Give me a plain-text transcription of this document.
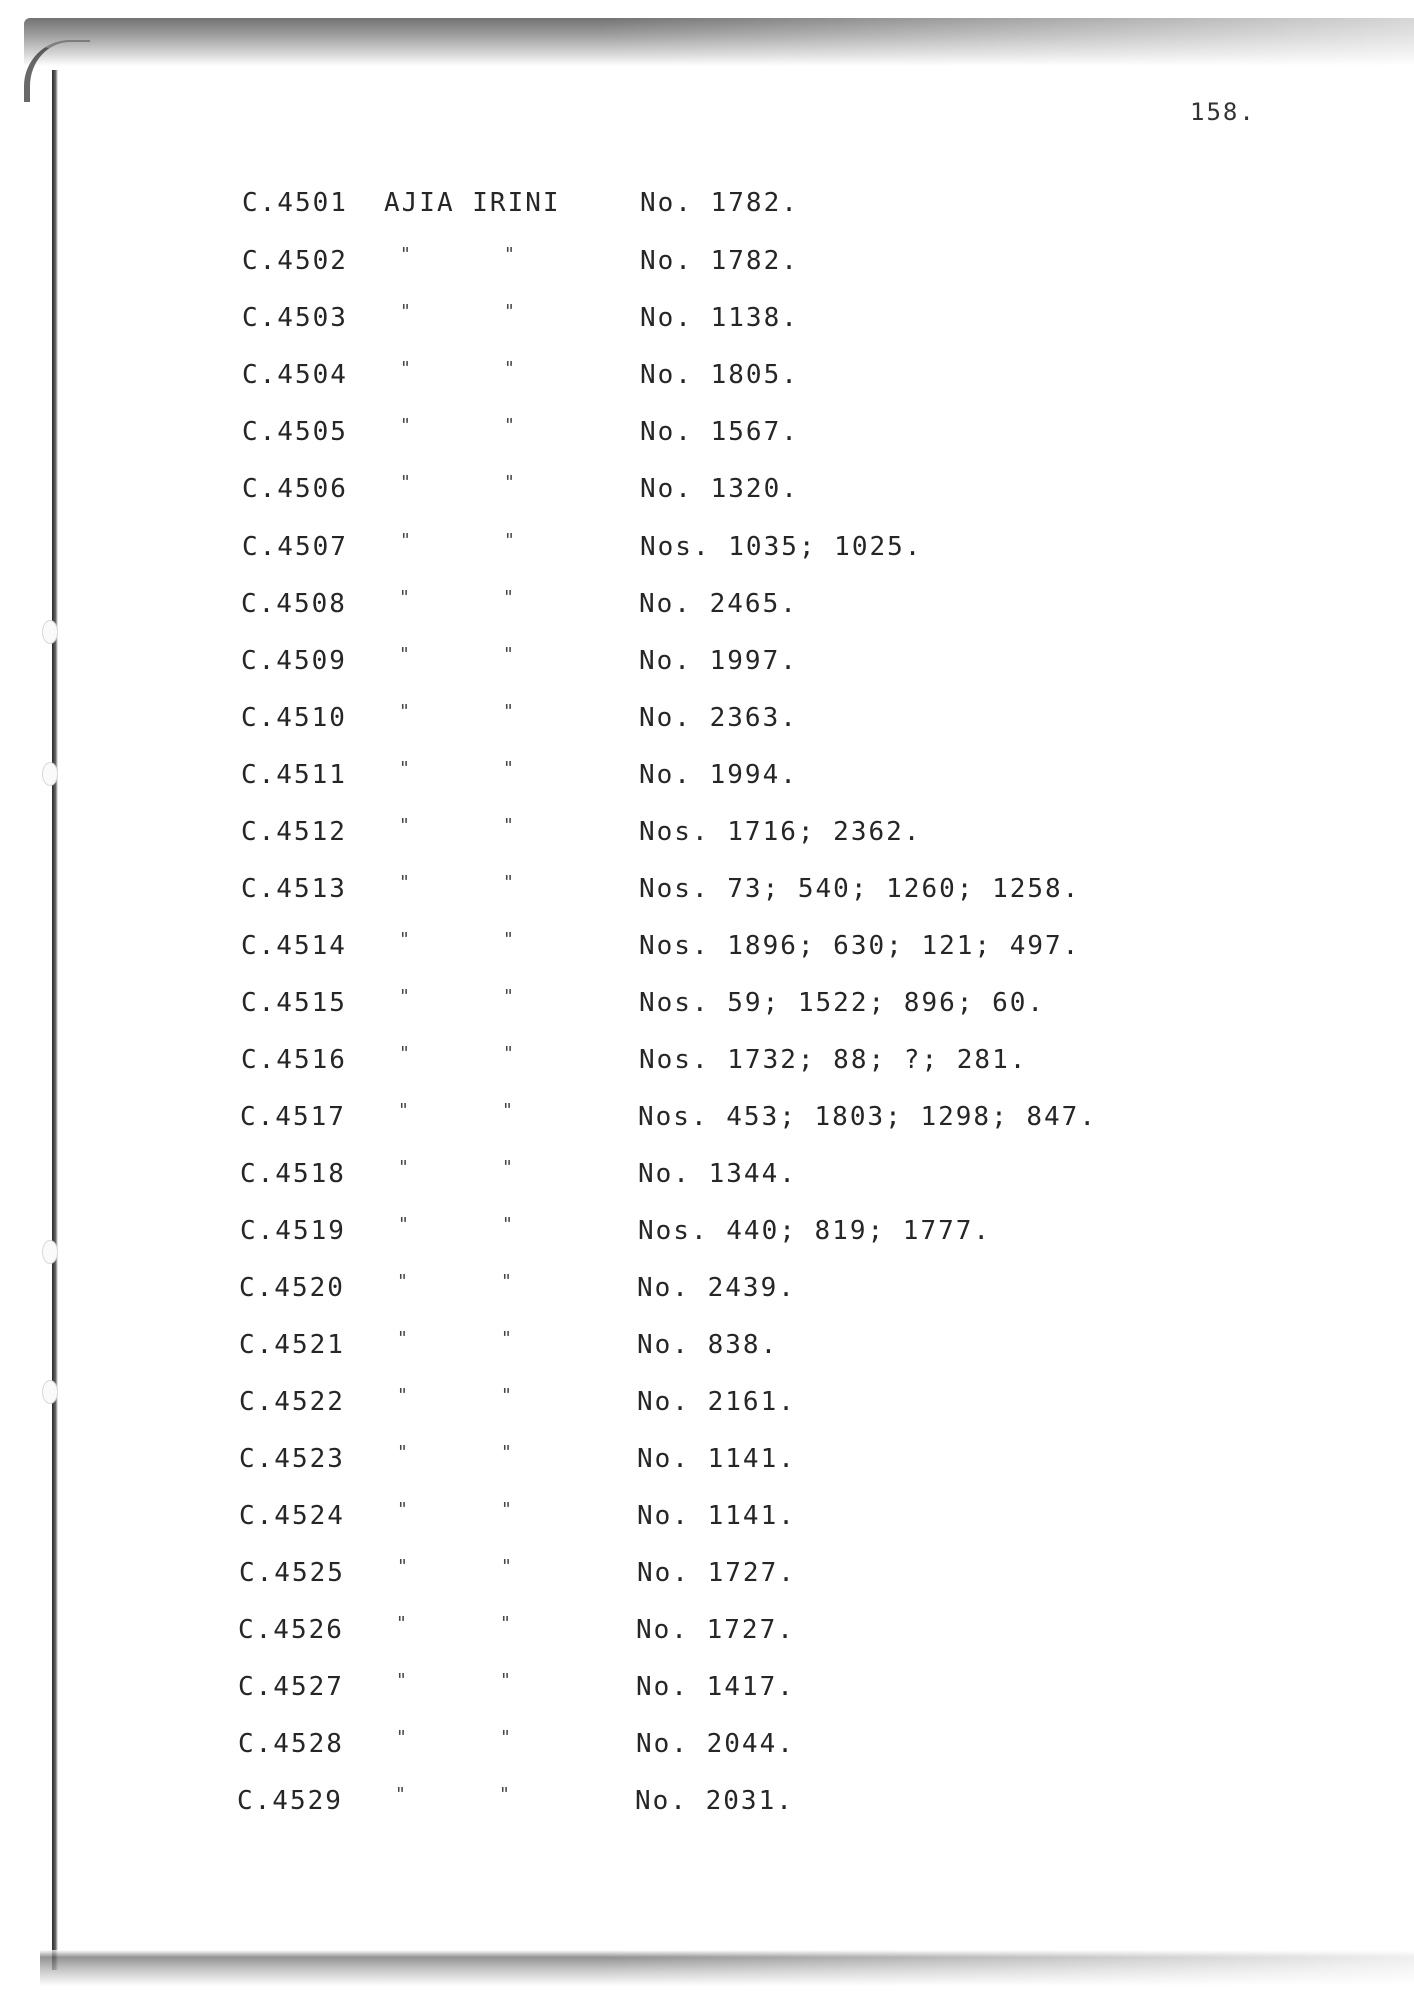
158.
C.4501 AJIA IRINI	No. 1782.
C.4502	"	"	No. 1782.
C.4503	"	"	No. 1138.
C.4504	"	"	No. 1805.
C.4505	"	"	No. 1567.
C.4506	"	"	No. 1320.
C.4507	"	"	Nos. 1035; 1025.
C.4508	"	"	No. 2465.
C.4509	"	"	No. 1997.
C.4510	"	"	No. 2363.
C.4511	"	"	No. 1994.
C.4512	"	"	Nos. 1716; 2362.
C.4513	"	"	Nos. 73; 540; 1260; 1258.
C.4514	"	"	Nos. 1896; 630; 121; 497.
C.4515	"	"	Nos. 59; 1522; 896; 60.
C.4516	"	"	Nos. 1732; 88; ?; 281.
C.4517	"	"	Nos. 453; 1803; 1298; 847.
C.4518	"	"	No. 1344.
C.4519	"	"	Nos. 440; 819; 1777.
C.4520	"	"	No. 2439.
C.4521	"	"	No. 838.
C.4522	"	"	No. 2161.
C.4523	"	"	No. 1141.
C.4524	"	"	No. 1141.
C.4525	"	"	No. 1727.
C.4526	"	"	No. 1727.
C.4527	"	"	No. 1417.
C.4528	"	"	No. 2044.
C.4529	"	"	No. 2031.
